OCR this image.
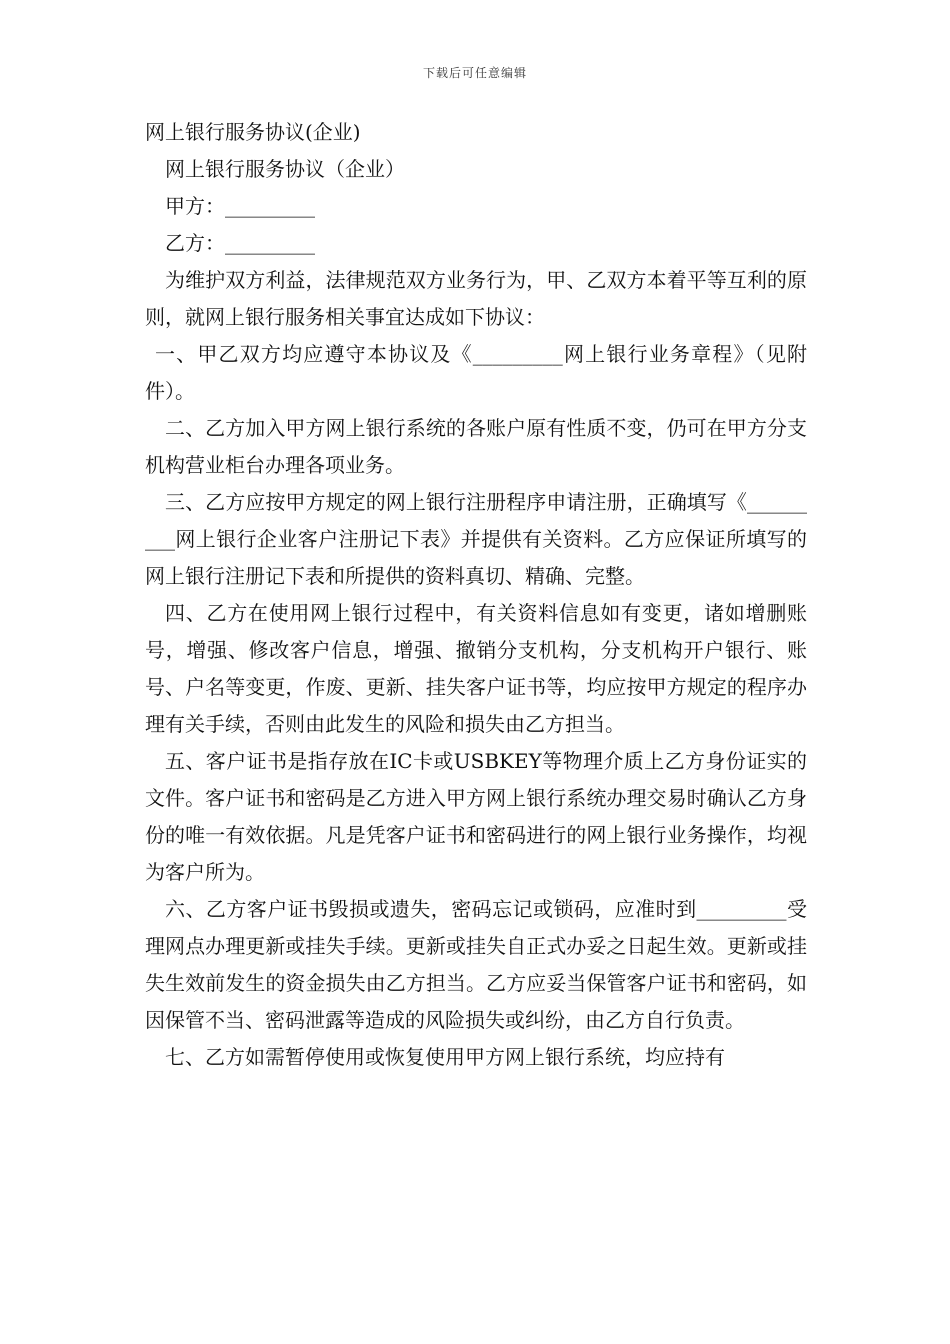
下载后可任意编辑

网上银行服务协议(企业)

网上银行服务协议（企业）

甲方：_________

乙方：_________

为维护双方利益，法律规范双方业务行为，甲、乙双方本着平等互利的原则，就网上银行服务相关事宜达成如下协议：

一、甲乙双方均应遵守本协议及《_________网上银行业务章程》（见附件）。

二、乙方加入甲方网上银行系统的各账户原有性质不变，仍可在甲方分支机构营业柜台办理各项业务。

三、乙方应按甲方规定的网上银行注册程序申请注册，正确填写《_________网上银行企业客户注册记下表》并提供有关资料。乙方应保证所填写的网上银行注册记下表和所提供的资料真切、精确、完整。

四、乙方在使用网上银行过程中，有关资料信息如有变更，诸如增删账号，增强、修改客户信息，增强、撤销分支机构，分支机构开户银行、账号、户名等变更，作废、更新、挂失客户证书等，均应按甲方规定的程序办理有关手续，否则由此发生的风险和损失由乙方担当。

五、客户证书是指存放在IC卡或USBKEY等物理介质上乙方身份证实的文件。客户证书和密码是乙方进入甲方网上银行系统办理交易时确认乙方身份的唯一有效依据。凡是凭客户证书和密码进行的网上银行业务操作，均视为客户所为。

六、乙方客户证书毁损或遗失，密码忘记或锁码，应准时到_________受理网点办理更新或挂失手续。更新或挂失自正式办妥之日起生效。更新或挂失生效前发生的资金损失由乙方担当。乙方应妥当保管客户证书和密码，如因保管不当、密码泄露等造成的风险损失或纠纷，由乙方自行负责。

七、乙方如需暂停使用或恢复使用甲方网上银行系统，均应持有
